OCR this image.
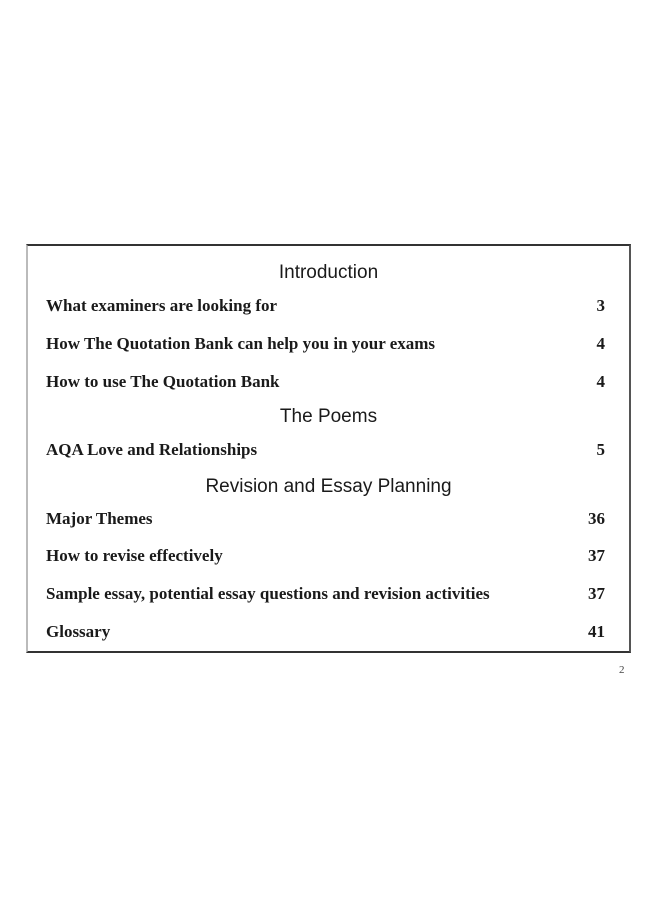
Introduction
What examiners are looking for	3
How The Quotation Bank can help you in your exams	4
How to use The Quotation Bank	4
The Poems
AQA Love and Relationships	5
Revision and Essay Planning
Major Themes	36
How to revise effectively	37
Sample essay, potential essay questions and revision activities	37
Glossary	41
2
